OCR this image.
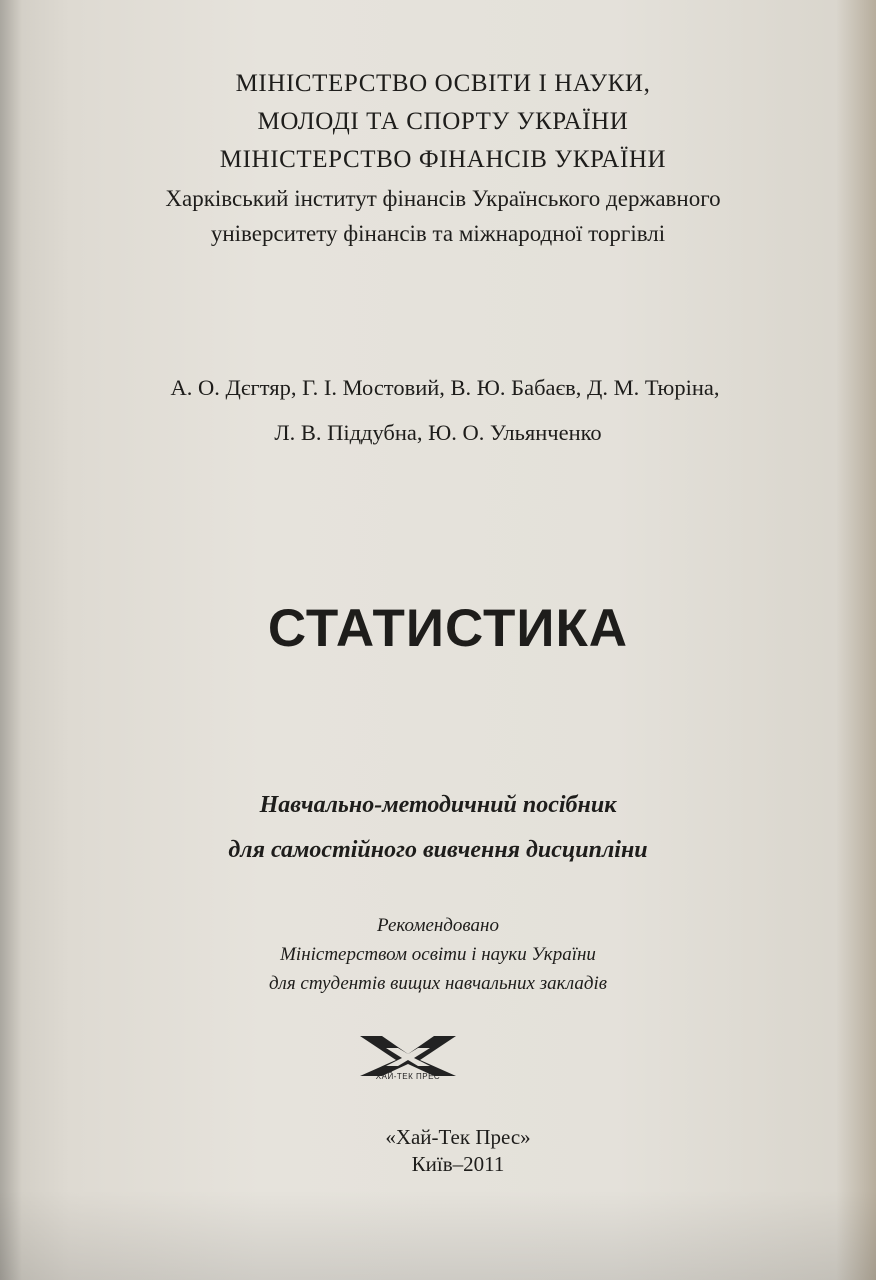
МІНІСТЕРСТВО ОСВІТИ І НАУКИ,
МОЛОДІ ТА СПОРТУ УКРАЇНИ
МІНІСТЕРСТВО ФІНАНСІВ УКРАЇНИ
Харківський інститут фінансів Українського державного
університету фінансів та міжнародної торгівлі
А. О. Дєгтяр, Г. І. Мостовий, В. Ю. Бабаєв, Д. М. Тюріна,
Л. В. Піддубна, Ю. О. Ульянченко
СТАТИСТИКА
Навчально-методичний посібник
для самостійного вивчення дисципліни
Рекомендовано
Міністерством освіти і науки України
для студентів вищих навчальних закладів
ХАЙ-ТЕК ПРЕС
«Хай-Тек Прес»
Київ–2011
